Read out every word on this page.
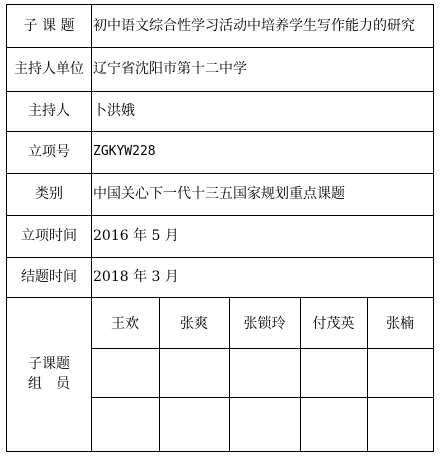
子 课 题	初中语文综合性学习活动中培养学生写作能力的研究
主持人单位 辽宁省沈阳市第十二中学
主持人	卜洪娥
立项号	ZGKYW228
类别	中国关心下一代十三五国家规划重点课题
立项时间	2016 年 5 月
结题时间	2018 年 3 月
子课题
组　员
王欢	张爽	张锁玲	付茂英	张楠
